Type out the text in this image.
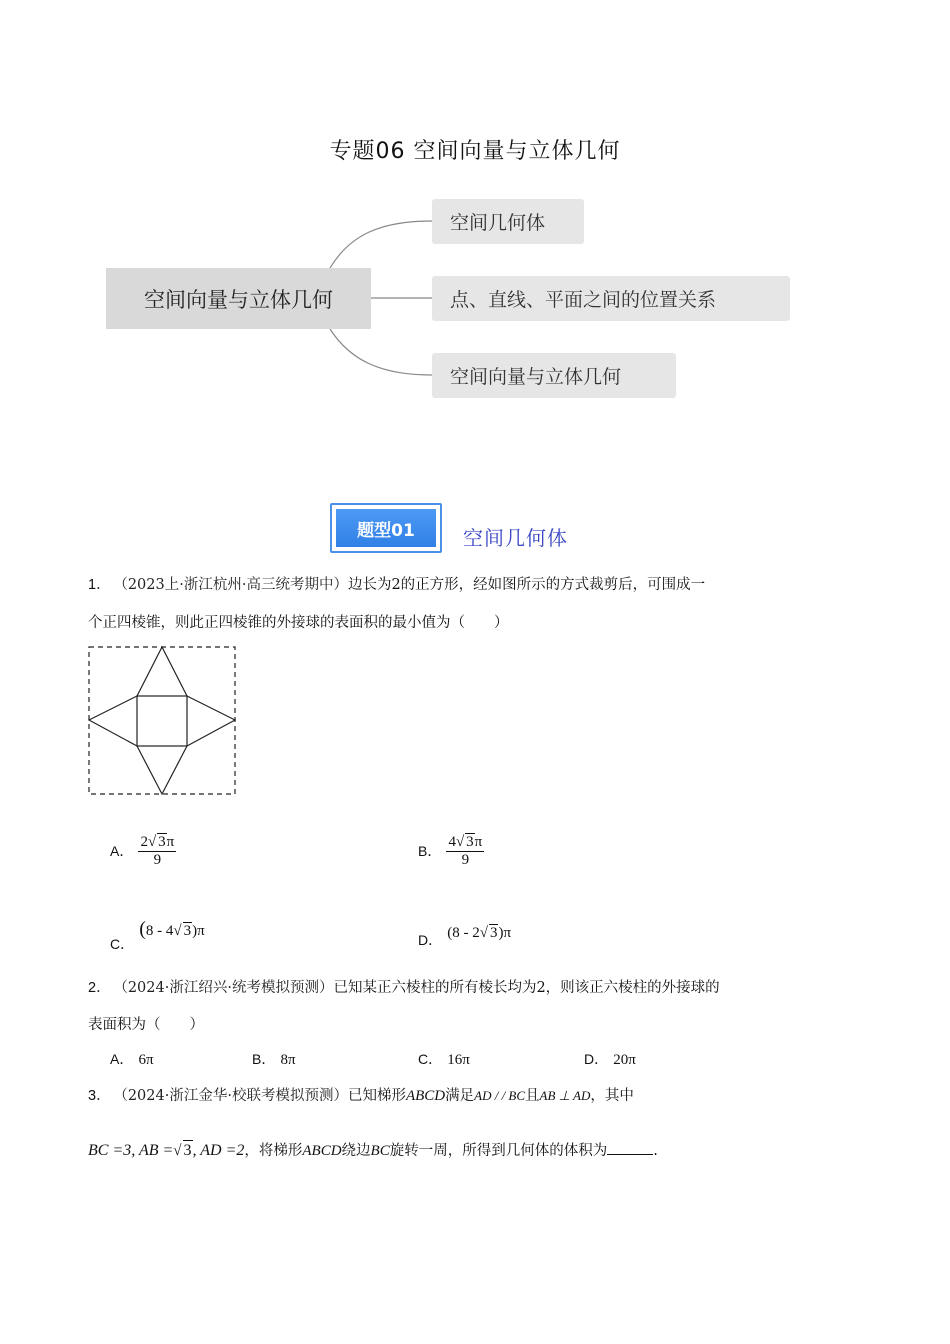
专题06 空间向量与立体几何
空间向量与立体几何
空间几何体
点、直线、平面之间的位置关系
空间向量与立体几何
题型01	空间几何体
1． （2023上·浙江杭州·高三统考期中）边长为2的正方形，经如图所示的方式裁剪后，可围成一
个正四棱锥，则此正四棱锥的外接球的表面积的最小值为（　　）
A． $\frac{2√ 3\pi}{9}$	B． $\frac{4√ 3\pi}{9}$
C． (8 - 4√ 3)π
D． (8 - 2√ 3)π
2． （2024·浙江绍兴·统考模拟预测）已知某正六棱柱的所有棱长均为2，则该正六棱柱的外接球的
表面积为（　　）
A． 6π	B． 8π	C． 16π	D． 20π
3． （2024·浙江金华·校联考模拟预测）已知梯形ABCD满足AD / / BC且AB ⊥ AD，其中
BC =3, AB =√ 3, AD =2，将梯形ABCD绕边BC旋转一周，所得到几何体的体积为	.
